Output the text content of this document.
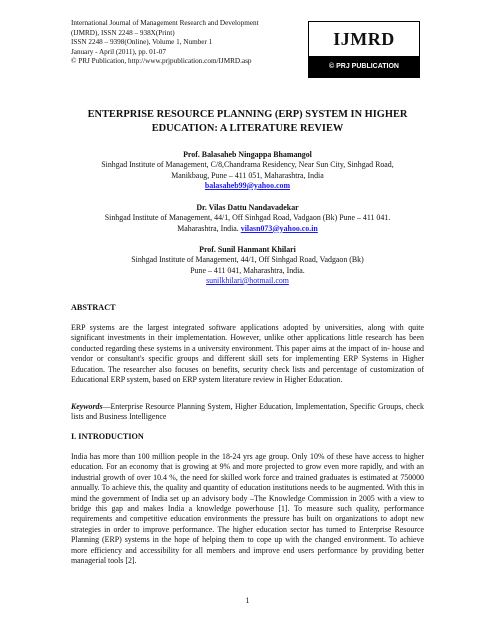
International Journal of Management Research and Development
(IJMRD), ISSN 2248 – 938X(Print)
ISSN 2248 – 9398(Online), Volume 1, Number 1
January - April (2011), pp. 01-07
© PRJ Publication, http://www.prjpublication.com/IJMRD.asp
IJMRD
© PRJ PUBLICATION
ENTERPRISE RESOURCE PLANNING (ERP) SYSTEM IN HIGHER
EDUCATION: A LITERATURE REVIEW
Prof. Balasaheb Ningappa Bhamangol
Sinhgad Institute of Management, C/8,Chandrama Residency, Near Sun City, Sinhgad Road,
Manikbaug, Pune – 411 051, Maharashtra, India
balasaheb99@yahoo.com
Dr. Vilas Dattu Nandavadekar
Sinhgad Institute of Management, 44/1, Off Sinhgad Road, Vadgaon (Bk) Pune – 411 041.
Maharashtra, India. vilasn073@yahoo.co.in
Prof. Sunil Hanmant Khilari
Sinhgad Institute of Management, 44/1, Off Sinhgad Road, Vadgaon (Bk)
Pune – 411 041, Maharashtra, India.
sunilkhilari@hotmail.com
ABSTRACT
ERP systems are the largest integrated software applications adopted by universities, along with quite significant investments in their implementation. However, unlike other applications little research has been conducted regarding these systems in a university environment. This paper aims at the impact of in- house and vendor or consultant's specific groups and different skill sets for implementing ERP Systems in Higher Education. The researcher also focuses on benefits, security check lists and percentage of customization of Educational ERP system, based on ERP system literature review in Higher Education.
Keywords—Enterprise Resource Planning System, Higher Education, Implementation, Specific Groups, check lists and Business Intelligence
I. INTRODUCTION
India has more than 100 million people in the 18-24 yrs age group. Only 10% of these have access to higher education. For an economy that is growing at 9% and more projected to grow even more rapidly, and with an industrial growth of over 10.4 %, the need for skilled work force and trained graduates is estimated at 750000 annually. To achieve this, the quality and quantity of education institutions needs to be augmented. With this in mind the government of India set up an advisory body –The Knowledge Commission in 2005 with a view to bridge this gap and makes India a knowledge powerhouse [1]. To measure such quality, performance requirements and competitive education environments the pressure has built on organizations to adopt new strategies in order to improve performance. The higher education sector has turned to Enterprise Resource Planning (ERP) systems in the hope of helping them to cope up with the changed environment. To achieve more efficiency and accessibility for all members and improve end users performance by providing better managerial tools [2].
1
